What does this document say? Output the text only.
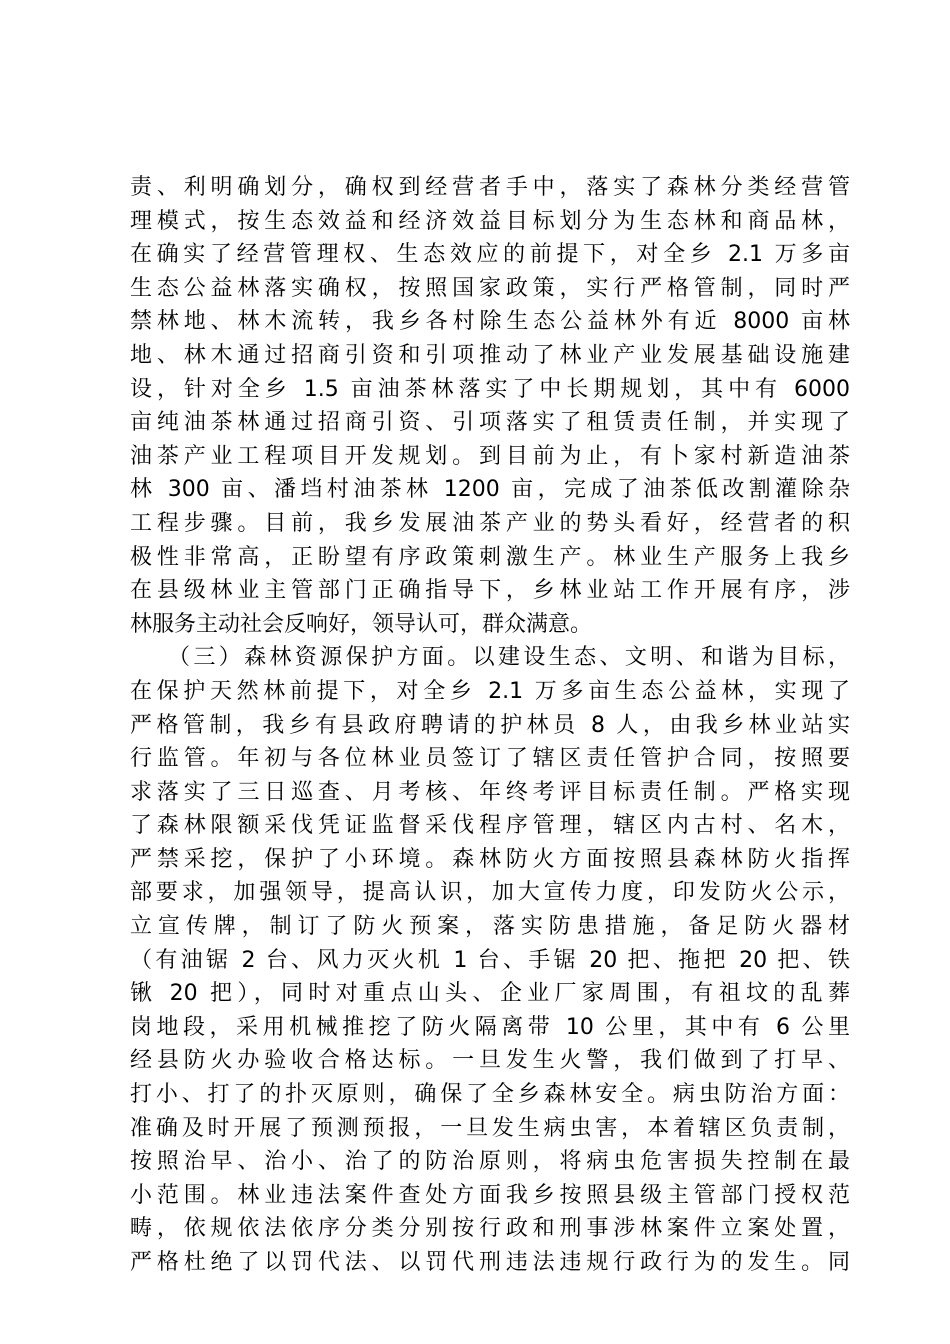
责、利明确划分，确权到经营者手中，落实了森林分类经营管
理模式，按生态效益和经济效益目标划分为生态林和商品林，
在确实了经营管理权、生态效应的前提下，对全乡 2.1 万多亩
生态公益林落实确权，按照国家政策，实行严格管制，同时严
禁林地、林木流转，我乡各村除生态公益林外有近 8000 亩林
地、林木通过招商引资和引项推动了林业产业发展基础设施建
设，针对全乡 1.5 亩油茶林落实了中长期规划，其中有 6000
亩纯油茶林通过招商引资、引项落实了租赁责任制，并实现了
油茶产业工程项目开发规划。到目前为止，有卜家村新造油茶
林 300 亩、潘垱村油茶林 1200 亩，完成了油茶低改割灌除杂
工程步骤。目前，我乡发展油茶产业的势头看好，经营者的积
极性非常高，正盼望有序政策刺激生产。林业生产服务上我乡
在县级林业主管部门正确指导下，乡林业站工作开展有序，涉
林服务主动社会反响好，领导认可，群众满意。
（三）森林资源保护方面。以建设生态、文明、和谐为目标，
在保护天然林前提下，对全乡 2.1 万多亩生态公益林，实现了
严格管制，我乡有县政府聘请的护林员 8 人，由我乡林业站实
行监管。年初与各位林业员签订了辖区责任管护合同，按照要
求落实了三日巡查、月考核、年终考评目标责任制。严格实现
了森林限额采伐凭证监督采伐程序管理，辖区内古村、名木，
严禁采挖，保护了小环境。森林防火方面按照县森林防火指挥
部要求，加强领导，提高认识，加大宣传力度，印发防火公示，
立宣传牌，制订了防火预案，落实防患措施，备足防火器材
（有油锯 2 台、风力灭火机 1 台、手锯 20 把、拖把 20 把、铁
锹 20 把），同时对重点山头、企业厂家周围，有祖坟的乱葬
岗地段，采用机械推挖了防火隔离带 10 公里，其中有 6 公里
经县防火办验收合格达标。一旦发生火警，我们做到了打早、
打小、打了的扑灭原则，确保了全乡森林安全。病虫防治方面：
准确及时开展了预测预报，一旦发生病虫害，本着辖区负责制，
按照治早、治小、治了的防治原则，将病虫危害损失控制在最
小范围。林业违法案件查处方面我乡按照县级主管部门授权范
畴，依规依法依序分类分别按行政和刑事涉林案件立案处置，
严格杜绝了以罚代法、以罚代刑违法违规行政行为的发生。同
